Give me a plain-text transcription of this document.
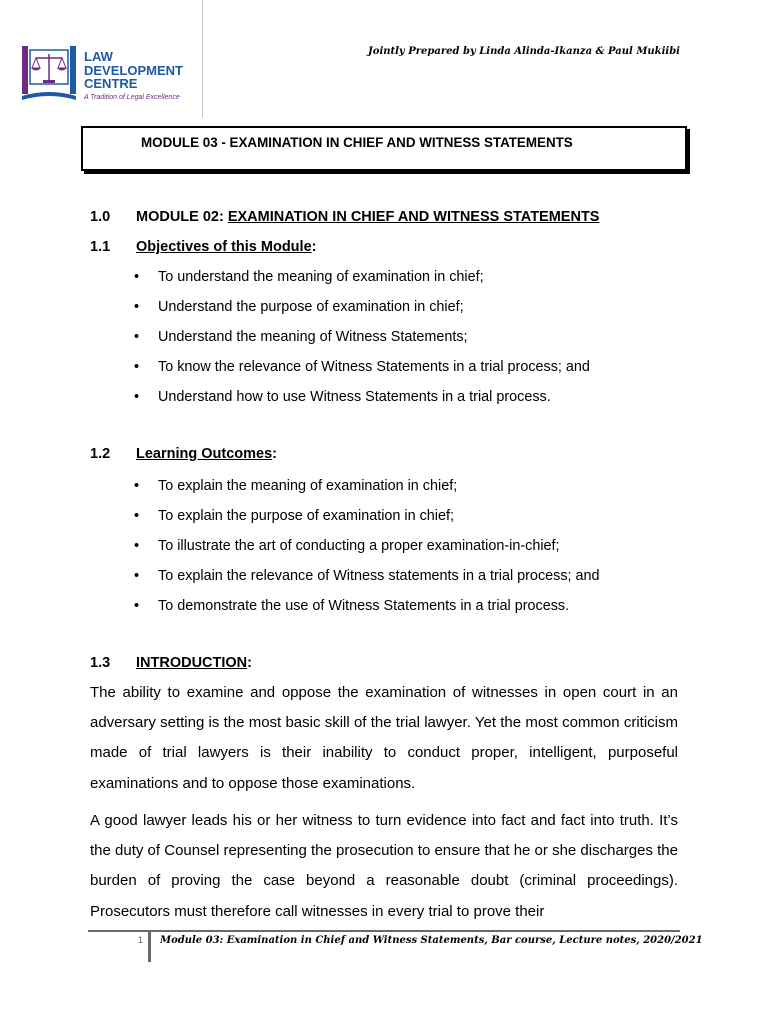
LAW
DEVELOPMENT
CENTRE
A Tradition of Legal Excellence
Jointly Prepared by Linda Alinda-Ikanza & Paul Mukiibi
MODULE 03 - EXAMINATION IN CHIEF AND WITNESS STATEMENTS
1.0 MODULE 02: EXAMINATION IN CHIEF AND WITNESS STATEMENTS
1.1 Objectives of this Module:
• To understand the meaning of examination in chief;
• Understand the purpose of examination in chief;
• Understand the meaning of Witness Statements;
• To know the relevance of Witness Statements in a trial process; and
• Understand how to use Witness Statements in a trial process.
1.2 Learning Outcomes:
• To explain the meaning of examination in chief;
• To explain the purpose of examination in chief;
• To illustrate the art of conducting a proper examination-in-chief;
• To explain the relevance of Witness statements in a trial process; and
• To demonstrate the use of Witness Statements in a trial process.
1.3 INTRODUCTION:

The ability to examine and oppose the examination of witnesses in open court in an adversary setting is the most basic skill of the trial lawyer. Yet the most common criticism made of trial lawyers is their inability to conduct proper, intelligent, purposeful examinations and to oppose those examinations.

A good lawyer leads his or her witness to turn evidence into fact and fact into truth. It’s the duty of Counsel representing the prosecution to ensure that he or she discharges the burden of proving the case beyond a reasonable doubt (criminal proceedings). Prosecutors must therefore call witnesses in every trial to prove their

1 Module 03: Examination in Chief and Witness Statements, Bar course, Lecture notes, 2020/2021
